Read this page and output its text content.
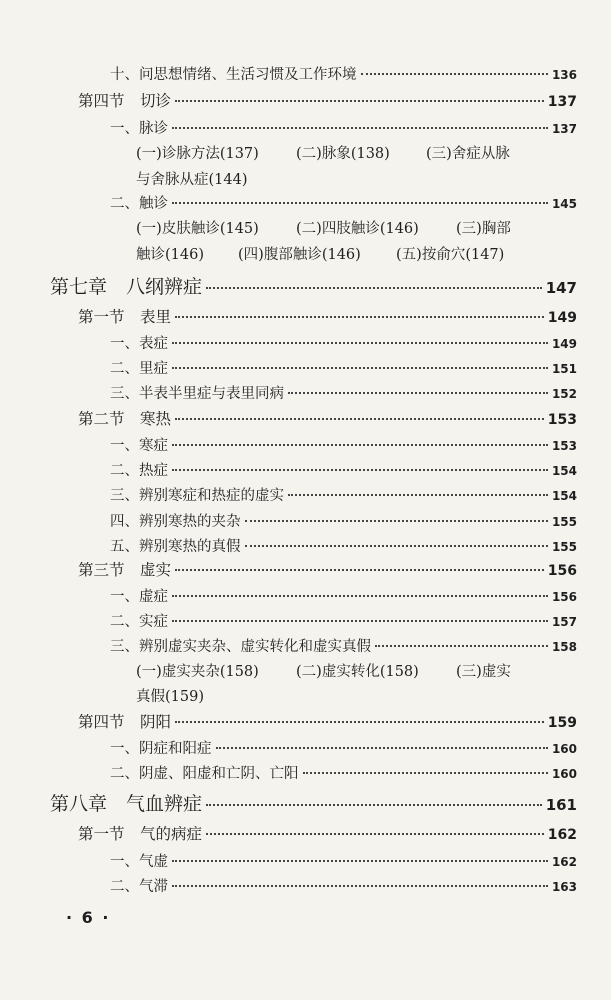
十、问思想情绪、生活习惯及工作环境	136
第四节　切诊	137
一、脉诊	137
(一)诊脉方法(137)	(二)脉象(138) (三)舍症从脉
与舍脉从症(144)
二、触诊	145
(一)皮肤触诊(145)	(二)四肢触诊(146)	(三)胸部
触诊(146) (四)腹部触诊(146) (五)按俞穴(147)
第七章　八纲辨症	147
第一节　表里	149
一、表症	149
二、里症	151
三、半表半里症与表里同病	152
第二节　寒热	153
一、寒症	153
二、热症	154
三、辨别寒症和热症的虚实	154
四、辨别寒热的夹杂	155
五、辨别寒热的真假	155
第三节　虚实	156
一、虚症	156
二、实症	157
三、辨别虚实夹杂、虚实转化和虚实真假	158
(一)虚实夹杂(158)	(二)虚实转化(158)	(三)虚实
真假(159)
第四节　阴阳	159
一、阴症和阳症	160
二、阴虚、阳虚和亡阴、亡阳	160
第八章　气血辨症	161
第一节　气的病症	162
一、气虚	162
二、气滞	163
· 6 ·
